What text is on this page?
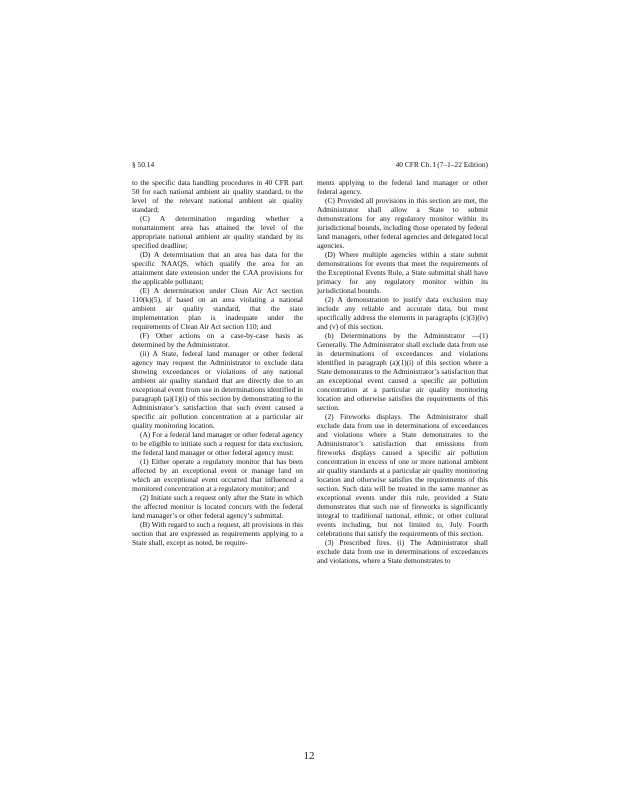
§ 50.14	40 CFR Ch. I (7–1–22 Edition)

to the specific data handling procedures in 40 CFR part 50 for each national ambient air quality standard, to the level of the relevant national ambient air quality standard;

(C) A determination regarding whether a nonattainment area has attained the level of the appropriate national ambient air quality standard by its specified deadline;

(D) A determination that an area has data for the specific NAAQS, which qualify the area for an attainment date extension under the CAA provisions for the applicable pollutant;

(E) A determination under Clean Air Act section 110(k)(5), if based on an area violating a national ambient air quality standard, that the state implementation plan is inadequate under the requirements of Clean Air Act section 110; and

(F) Other actions on a case-by-case basis as determined by the Administrator.

(ii) A State, federal land manager or other federal agency may request the Administrator to exclude data showing exceedances or violations of any national ambient air quality standard that are directly due to an exceptional event from use in determinations identified in paragraph (a)(1)(i) of this section by demonstrating to the Administrator’s satisfaction that such event caused a specific air pollution concentration at a particular air quality monitoring location.

(A) For a federal land manager or other federal agency to be eligible to initiate such a request for data exclusion, the federal land manager or other federal agency must:

(1) Either operate a regulatory monitor that has been affected by an exceptional event or manage land on which an exceptional event occurred that influenced a monitored concentration at a regulatory monitor; and

(2) Initiate such a request only after the State in which the affected monitor is located concurs with the federal land manager’s or other federal agency’s submittal.

(B) With regard to such a request, all provisions in this section that are expressed as requirements applying to a State shall, except as noted, be require-

ments applying to the federal land manager or other federal agency.

(C) Provided all provisions in this section are met, the Administrator shall allow a State to submit demonstrations for any regulatory monitor within its jurisdictional bounds, including those operated by federal land managers, other federal agencies and delegated local agencies.

(D) Where multiple agencies within a state submit demonstrations for events that meet the requirements of the Exceptional Events Rule, a State submittal shall have primacy for any regulatory monitor within its jurisdictional bounds.

(2) A demonstration to justify data exclusion may include any reliable and accurate data, but must specifically address the elements in paragraphs (c)(3)(iv) and (v) of this section.

(b) Determinations by the Administrator —(1) Generally. The Administrator shall exclude data from use in determinations of exceedances and violations identified in paragraph (a)(1)(i) of this section where a State demonstrates to the Administrator’s satisfaction that an exceptional event caused a specific air pollution concentration at a particular air quality monitoring location and otherwise satisfies the requirements of this section.

(2) Fireworks displays. The Administrator shall exclude data from use in determinations of exceedances and violations where a State demonstrates to the Administrator’s satisfaction that emissions from fireworks displays caused a specific air pollution concentration in excess of one or more national ambient air quality standards at a particular air quality monitoring location and otherwise satisfies the requirements of this section. Such data will be treated in the same manner as exceptional events under this rule, provided a State demonstrates that such use of fireworks is significantly integral to traditional national, ethnic, or other cultural events including, but not limited to, July Fourth celebrations that satisfy the requirements of this section.

(3) Prescribed fires. (i) The Administrator shall exclude data from use in determinations of exceedances and violations, where a State demonstrates to

12
